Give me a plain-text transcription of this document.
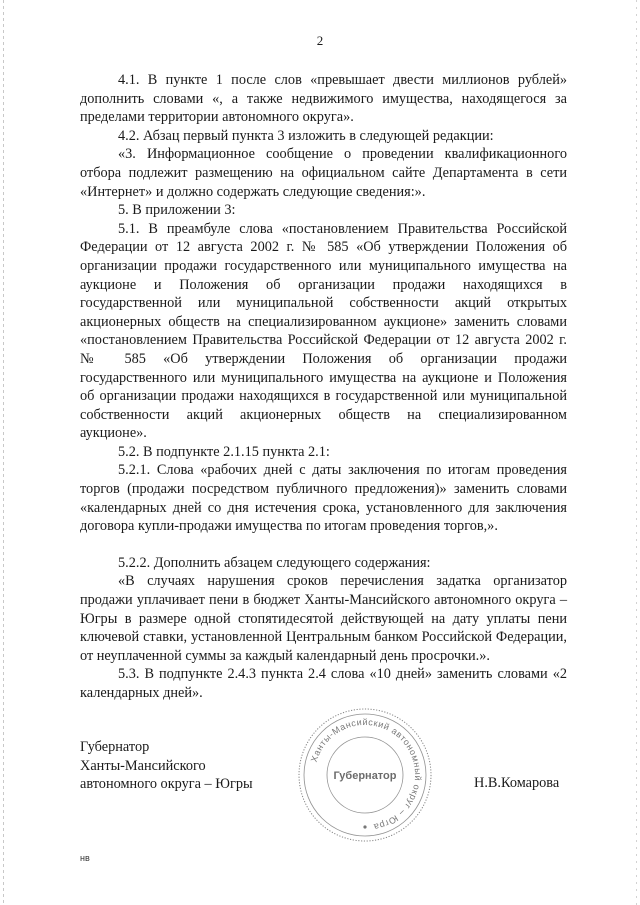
2

4.1. В пункте 1 после слов «превышает двести миллионов рублей» дополнить словами «, а также недвижимого имущества, находящегося за пределами территории автономного округа».

4.2. Абзац первый пункта 3 изложить в следующей редакции:

«3. Информационное сообщение о проведении квалификационного отбора подлежит размещению на официальном сайте Департамента в сети «Интернет» и должно содержать следующие сведения:».

5. В приложении 3:

5.1. В преамбуле слова «постановлением Правительства Российской Федерации от 12 августа 2002 г. № 585 «Об утверждении Положения об организации продажи государственного или муниципального имущества на аукционе и Положения об организации продажи находящихся в государственной или муниципальной собственности акций открытых акционерных обществ на специализированном аукционе» заменить словами «постановлением Правительства Российской Федерации от 12 августа 2002 г. № 585 «Об утверждении Положения об организации продажи государственного или муниципального имущества на аукционе и Положения об организации продажи находящихся в государственной или муниципальной собственности акций акционерных обществ на специализированном аукционе».

5.2. В подпункте 2.1.15 пункта 2.1:

5.2.1. Слова «рабочих дней с даты заключения по итогам проведения торгов (продажи посредством публичного предложения)» заменить словами «календарных дней со дня истечения срока, установленного для заключения договора купли-продажи имущества по итогам проведения торгов,».

5.2.2. Дополнить абзацем следующего содержания:

«В случаях нарушения сроков перечисления задатка организатор продажи уплачивает пени в бюджет Ханты-Мансийского автономного округа – Югры в размере одной стопятидесятой действующей на дату уплаты пени ключевой ставки, установленной Центральным банком Российской Федерации, от неуплаченной суммы за каждый календарный день просрочки.».

5.3. В подпункте 2.4.3 пункта 2.4 слова «10 дней» заменить словами «2 календарных дней».

Губернатор
Ханты-Мансийского
автономного округа – Югры
Ханты-Мансийский автономный округ – Югра
Губернатор	Н.В.Комарова
нв
